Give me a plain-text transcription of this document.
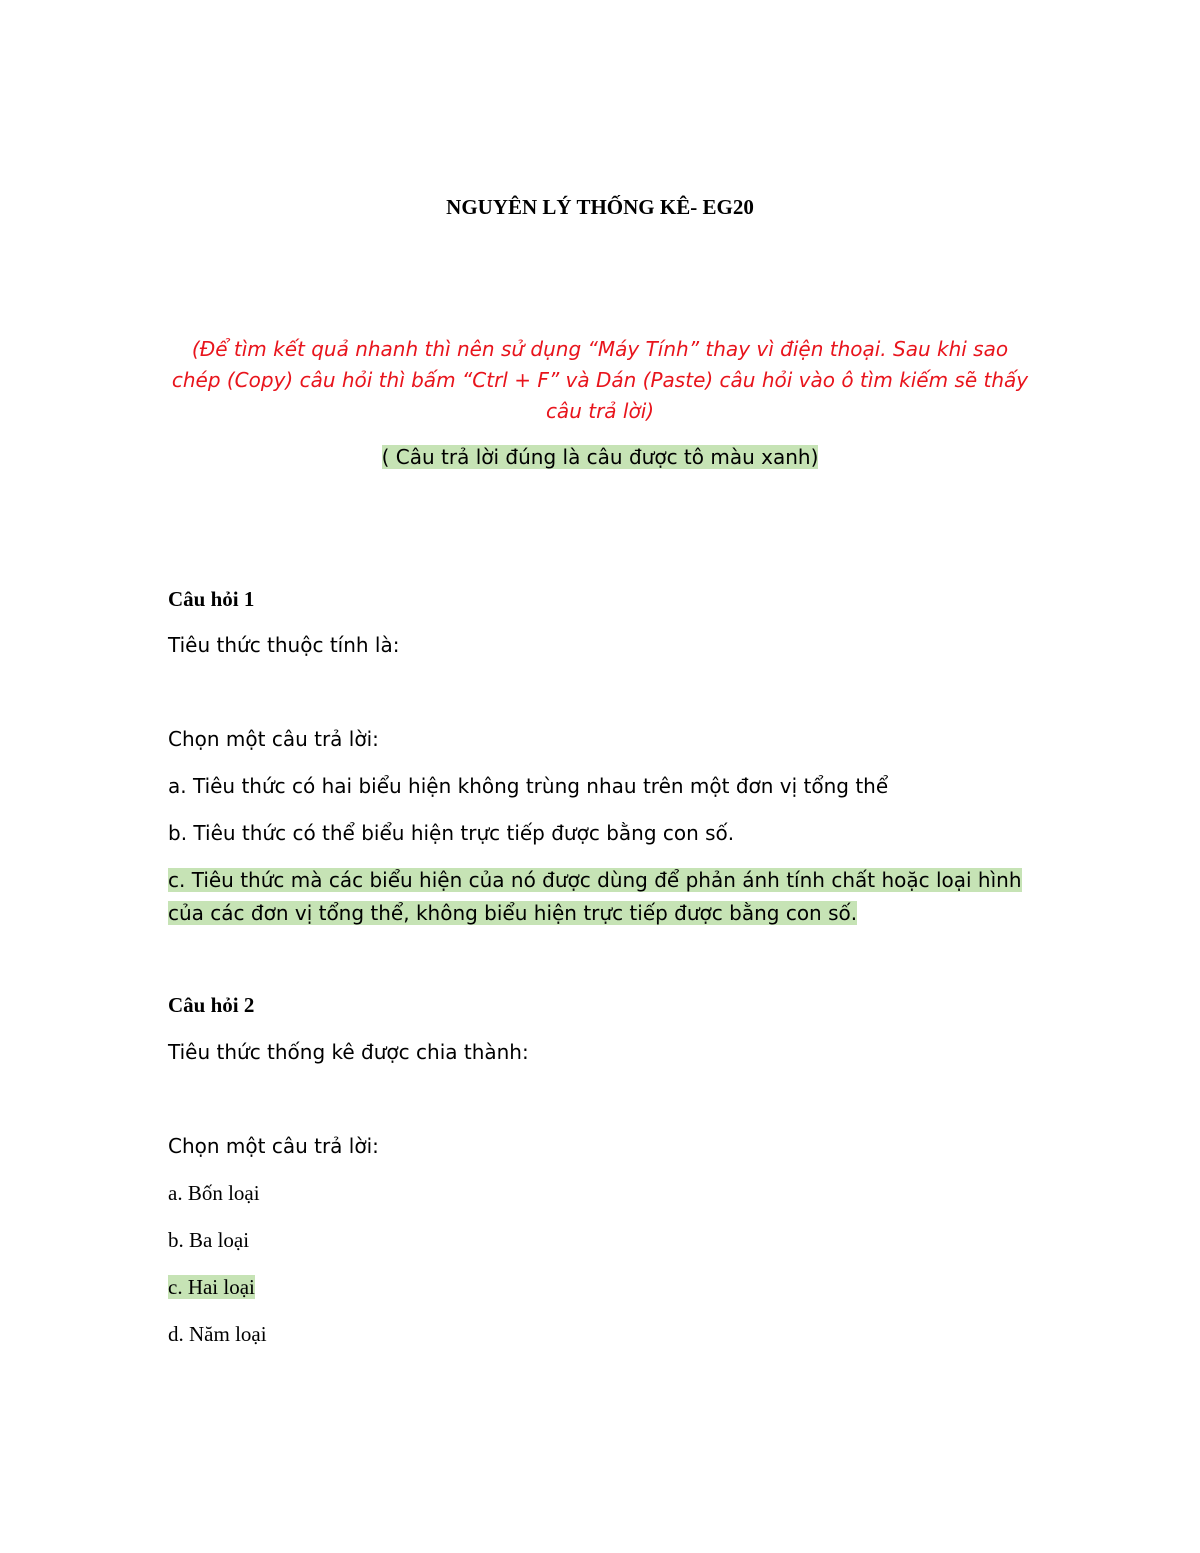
NGUYÊN LÝ THỐNG KÊ- EG20
(Để tìm kết quả nhanh thì nên sử dụng “Máy Tính” thay vì điện thoại. Sau khi sao chép (Copy) câu hỏi thì bấm “Ctrl + F” và Dán (Paste) câu hỏi vào ô tìm kiếm sẽ thấy câu trả lời)
( Câu trả lời đúng là câu được tô màu xanh)
Câu hỏi 1
Tiêu thức thuộc tính là:
Chọn một câu trả lời:
a. Tiêu thức có hai biểu hiện không trùng nhau trên một đơn vị tổng thể
b. Tiêu thức có thể biểu hiện trực tiếp được bằng con số.
c. Tiêu thức mà các biểu hiện của nó được dùng để phản ánh tính chất hoặc loại hình của các đơn vị tổng thể, không biểu hiện trực tiếp được bằng con số.
Câu hỏi 2
Tiêu thức thống kê được chia thành:
Chọn một câu trả lời:
a. Bốn loại
b. Ba loại
c. Hai loại
d. Năm loại
